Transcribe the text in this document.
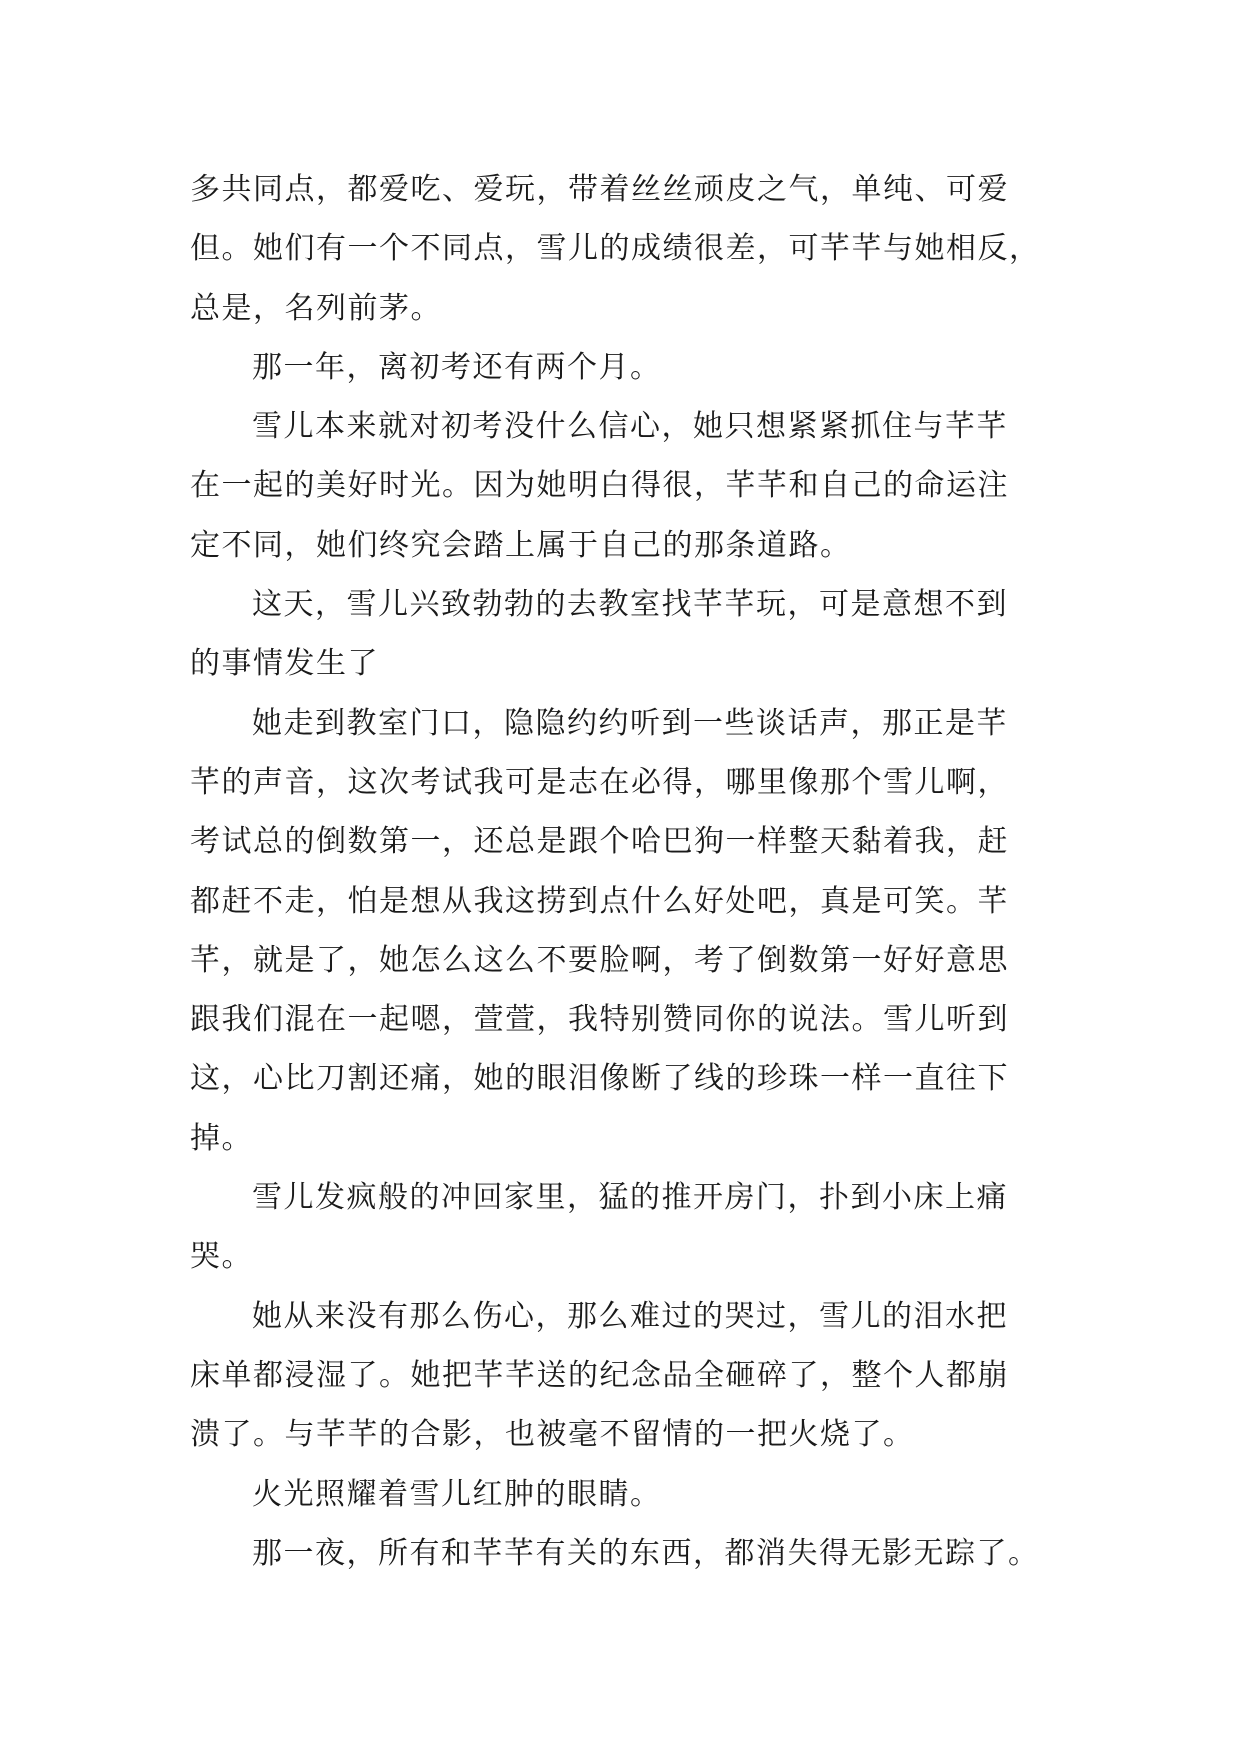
多共同点，都爱吃、爱玩，带着丝丝顽皮之气，单纯、可爱
但。她们有一个不同点，雪儿的成绩很差，可芊芊与她相反，
总是，名列前茅。
那一年，离初考还有两个月。
雪儿本来就对初考没什么信心，她只想紧紧抓住与芊芊
在一起的美好时光。因为她明白得很，芊芊和自己的命运注
定不同，她们终究会踏上属于自己的那条道路。
这天，雪儿兴致勃勃的去教室找芊芊玩，可是意想不到
的事情发生了
她走到教室门口，隐隐约约听到一些谈话声，那正是芊
芊的声音，这次考试我可是志在必得，哪里像那个雪儿啊，
考试总的倒数第一，还总是跟个哈巴狗一样整天黏着我，赶
都赶不走，怕是想从我这捞到点什么好处吧，真是可笑。芊
芊，就是了，她怎么这么不要脸啊，考了倒数第一好好意思
跟我们混在一起嗯，萱萱，我特别赞同你的说法。雪儿听到
这，心比刀割还痛，她的眼泪像断了线的珍珠一样一直往下
掉。
雪儿发疯般的冲回家里，猛的推开房门，扑到小床上痛
哭。
她从来没有那么伤心，那么难过的哭过，雪儿的泪水把
床单都浸湿了。她把芊芊送的纪念品全砸碎了，整个人都崩
溃了。与芊芊的合影，也被毫不留情的一把火烧了。
火光照耀着雪儿红肿的眼睛。
那一夜，所有和芊芊有关的东西，都消失得无影无踪了。
